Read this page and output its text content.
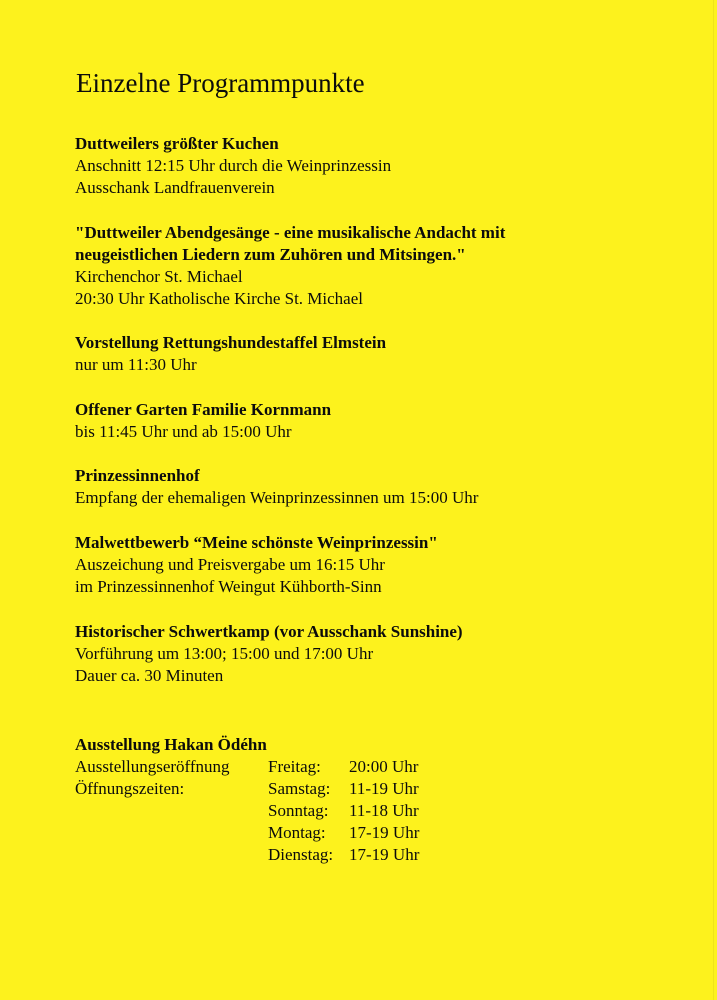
Einzelne Programmpunkte
Duttweilers größter Kuchen
Anschnitt 12:15 Uhr durch die Weinprinzessin
Ausschank Landfrauenverein
"Duttweiler Abendgesänge - eine musikalische Andacht mit
neugeistlichen Liedern zum Zuhören und Mitsingen."
Kirchenchor St. Michael
20:30 Uhr Katholische Kirche St. Michael
Vorstellung Rettungshundestaffel Elmstein
nur um 11:30 Uhr
Offener Garten Familie Kornmann
bis 11:45 Uhr und ab 15:00 Uhr
Prinzessinnenhof
Empfang der ehemaligen Weinprinzessinnen um 15:00 Uhr
Malwettbewerb “Meine schönste Weinprinzessin"
Auszeichung und Preisvergabe um 16:15 Uhr
im Prinzessinnenhof Weingut Kühborth-Sinn
Historischer Schwertkamp (vor Ausschank Sunshine)
Vorführung um 13:00; 15:00 und 17:00 Uhr
Dauer ca. 30 Minuten
Ausstellung Hakan Ödéhn
Ausstellungseröffnung	Freitag:	20:00 Uhr
Öffnungszeiten:	Samstag:	11-19 Uhr
Sonntag:	11-18 Uhr
Montag:	17-19 Uhr
Dienstag: 17-19 Uhr
